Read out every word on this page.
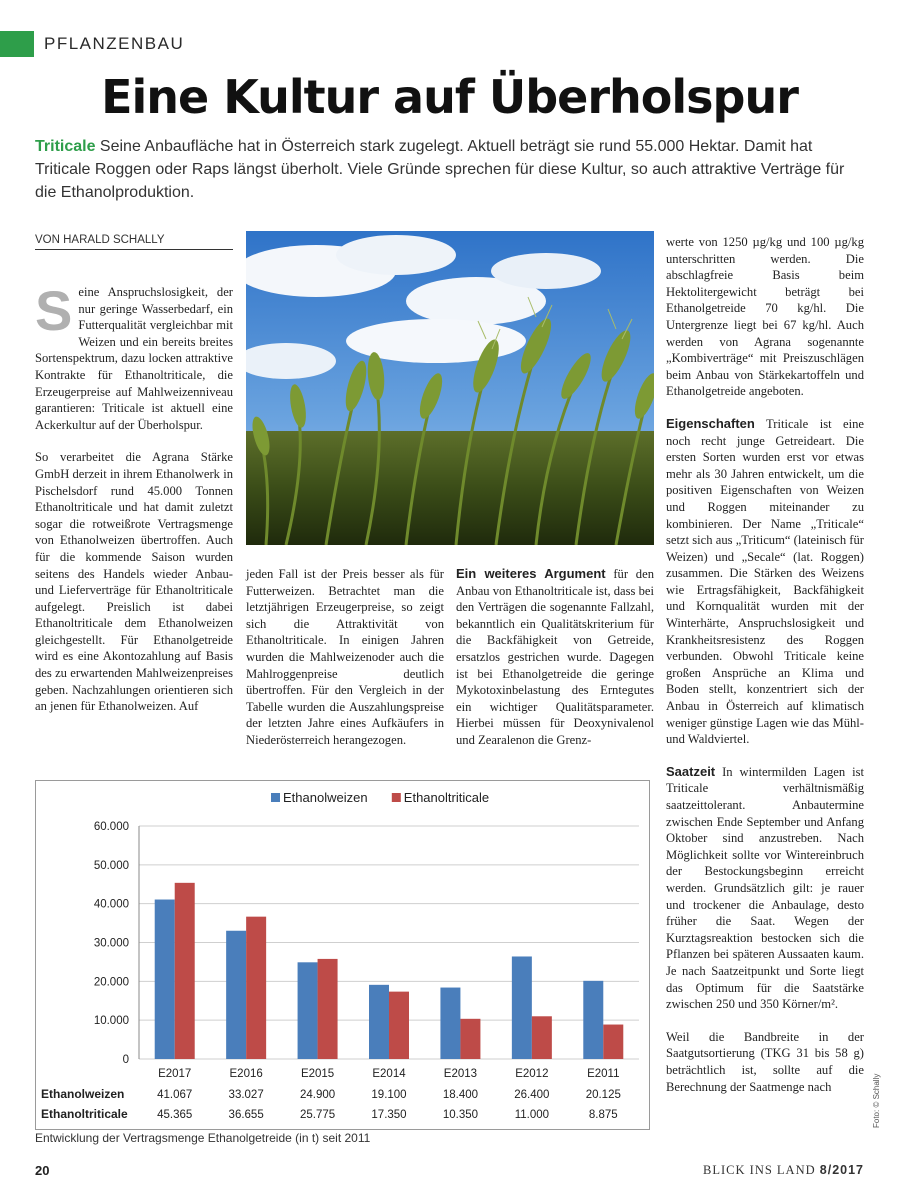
PFLANZENBAU
Eine Kultur auf Überholspur
Triticale Seine Anbaufläche hat in Österreich stark zugelegt. Aktuell beträgt sie rund 55.000 Hektar. Damit hat Triticale Roggen oder Raps längst überholt. Viele Gründe sprechen für diese Kultur, so auch attraktive Verträge für die Ethanolproduktion.
VON HARALD SCHALLY

Seine Anspruchslosigkeit, der nur geringe Wasserbedarf, ein Futterqualität vergleichbar mit Weizen und ein bereits breites Sortenspektrum, dazu locken attraktive Kontrakte für Ethanoltriticale, die Erzeugerpreise auf Mahlweizenniveau garantieren: Triticale ist aktuell eine Ackerkultur auf der Überholspur.

So verarbeitet die Agrana Stärke GmbH derzeit in ihrem Ethanolwerk in Pischelsdorf rund 45.000 Tonnen Ethanoltriticale und hat damit zuletzt sogar die rotweißrote Vertragsmenge von Ethanolweizen übertroffen. Auch für die kommende Saison wurden seitens des Handels wieder Anbau- und Lieferverträge für Ethanoltriticale aufgelegt. Preislich ist dabei Ethanoltriticale dem Ethanolweizen gleichgestellt. Für Ethanolgetreide wird es eine Akontozahlung auf Basis des zu erwartenden Mahlweizenpreises geben. Nachzahlungen orientieren sich an jenen für Ethanolweizen. Auf

jeden Fall ist der Preis besser als für Futterweizen. Betrachtet man die letztjährigen Erzeugerpreise, so zeigt sich die Attraktivität von Ethanoltriticale. In einigen Jahren wurden die Mahlweizenoder auch die Mahlroggenpreise deutlich übertroffen. Für den Vergleich in der Tabelle wurden die Auszahlungspreise der letzten Jahre eines Aufkäufers in Niederösterreich herangezogen.

Ein weiteres Argument für den Anbau von Ethanoltriticale ist, dass bei den Verträgen die sogenannte Fallzahl, bekanntlich ein Qualitätskriterium für die Backfähigkeit von Getreide, ersatzlos gestrichen wurde. Dagegen ist bei Ethanolgetreide die geringe Mykotoxinbelastung des Erntegutes ein wichtiger Qualitätsparameter. Hierbei müssen für Deoxynivalenol und Zearalenon die Grenz-

werte von 1250 µg/kg und 100 µg/kg unterschritten werden. Die abschlagfreie Basis beim Hektolitergewicht beträgt bei Ethanolgetreide 70 kg/hl. Die Untergrenze liegt bei 67 kg/hl. Auch werden von Agrana sogenannte „Kombiverträge“ mit Preiszuschlägen beim Anbau von Stärkekartoffeln und Ethanolgetreide angeboten.

Eigenschaften Triticale ist eine noch recht junge Getreideart. Die ersten Sorten wurden erst vor etwas mehr als 30 Jahren entwickelt, um die positiven Eigenschaften von Weizen und Roggen miteinander zu kombinieren. Der Name „Triticale“ setzt sich aus „Triticum“ (lateinisch für Weizen) und „Secale“ (lat. Roggen) zusammen. Die Stärken des Weizens wie Ertragsfähigkeit, Backfähigkeit und Kornqualität wurden mit der Winterhärte, Anspruchslosigkeit und Krankheitsresistenz des Roggen verbunden. Obwohl Triticale keine großen Ansprüche an Klima und Boden stellt, konzentriert sich der Anbau in Österreich auf klimatisch weniger günstige Lagen wie das Mühl- und Waldviertel.

Saatzeit In wintermilden Lagen ist Triticale verhältnismäßig saatzeittolerant. Anbautermine zwischen Ende September und Anfang Oktober sind anzustreben. Nach Möglichkeit sollte vor Wintereinbruch der Bestockungsbeginn erreicht werden. Grundsätzlich gilt: je rauer und trockener die Anbaulage, desto früher die Saat. Wegen der Kurztagsreaktion bestocken sich die Pflanzen bei späteren Aussaaten kaum. Je nach Saatzeitpunkt und Sorte liegt das Optimum für die Saatstärke zwischen 250 und 350 Körner/m².

Weil die Bandbreite in der Saatgutsortierung (TKG 31 bis 58 g) beträchtlich ist, sollte auf die Berechnung der Saatmenge nach

0
10.000
20.000
30.000
40.000
50.000
60.000
Ethanolweizen	Ethanoltriticale
E2017
41.067
45.365
E2016
33.027
36.655
E2015
24.900
25.775
E2014
19.100
17.350
E2013
18.400
10.350
E2012
26.400
11.000
E2011
20.125
8.875
Ethanolweizen
Ethanoltriticale
Entwicklung der Vertragsmenge Ethanolgetreide (in t) seit 2011
Foto: © Schally
20	BLICK INS LAND 8/2017
